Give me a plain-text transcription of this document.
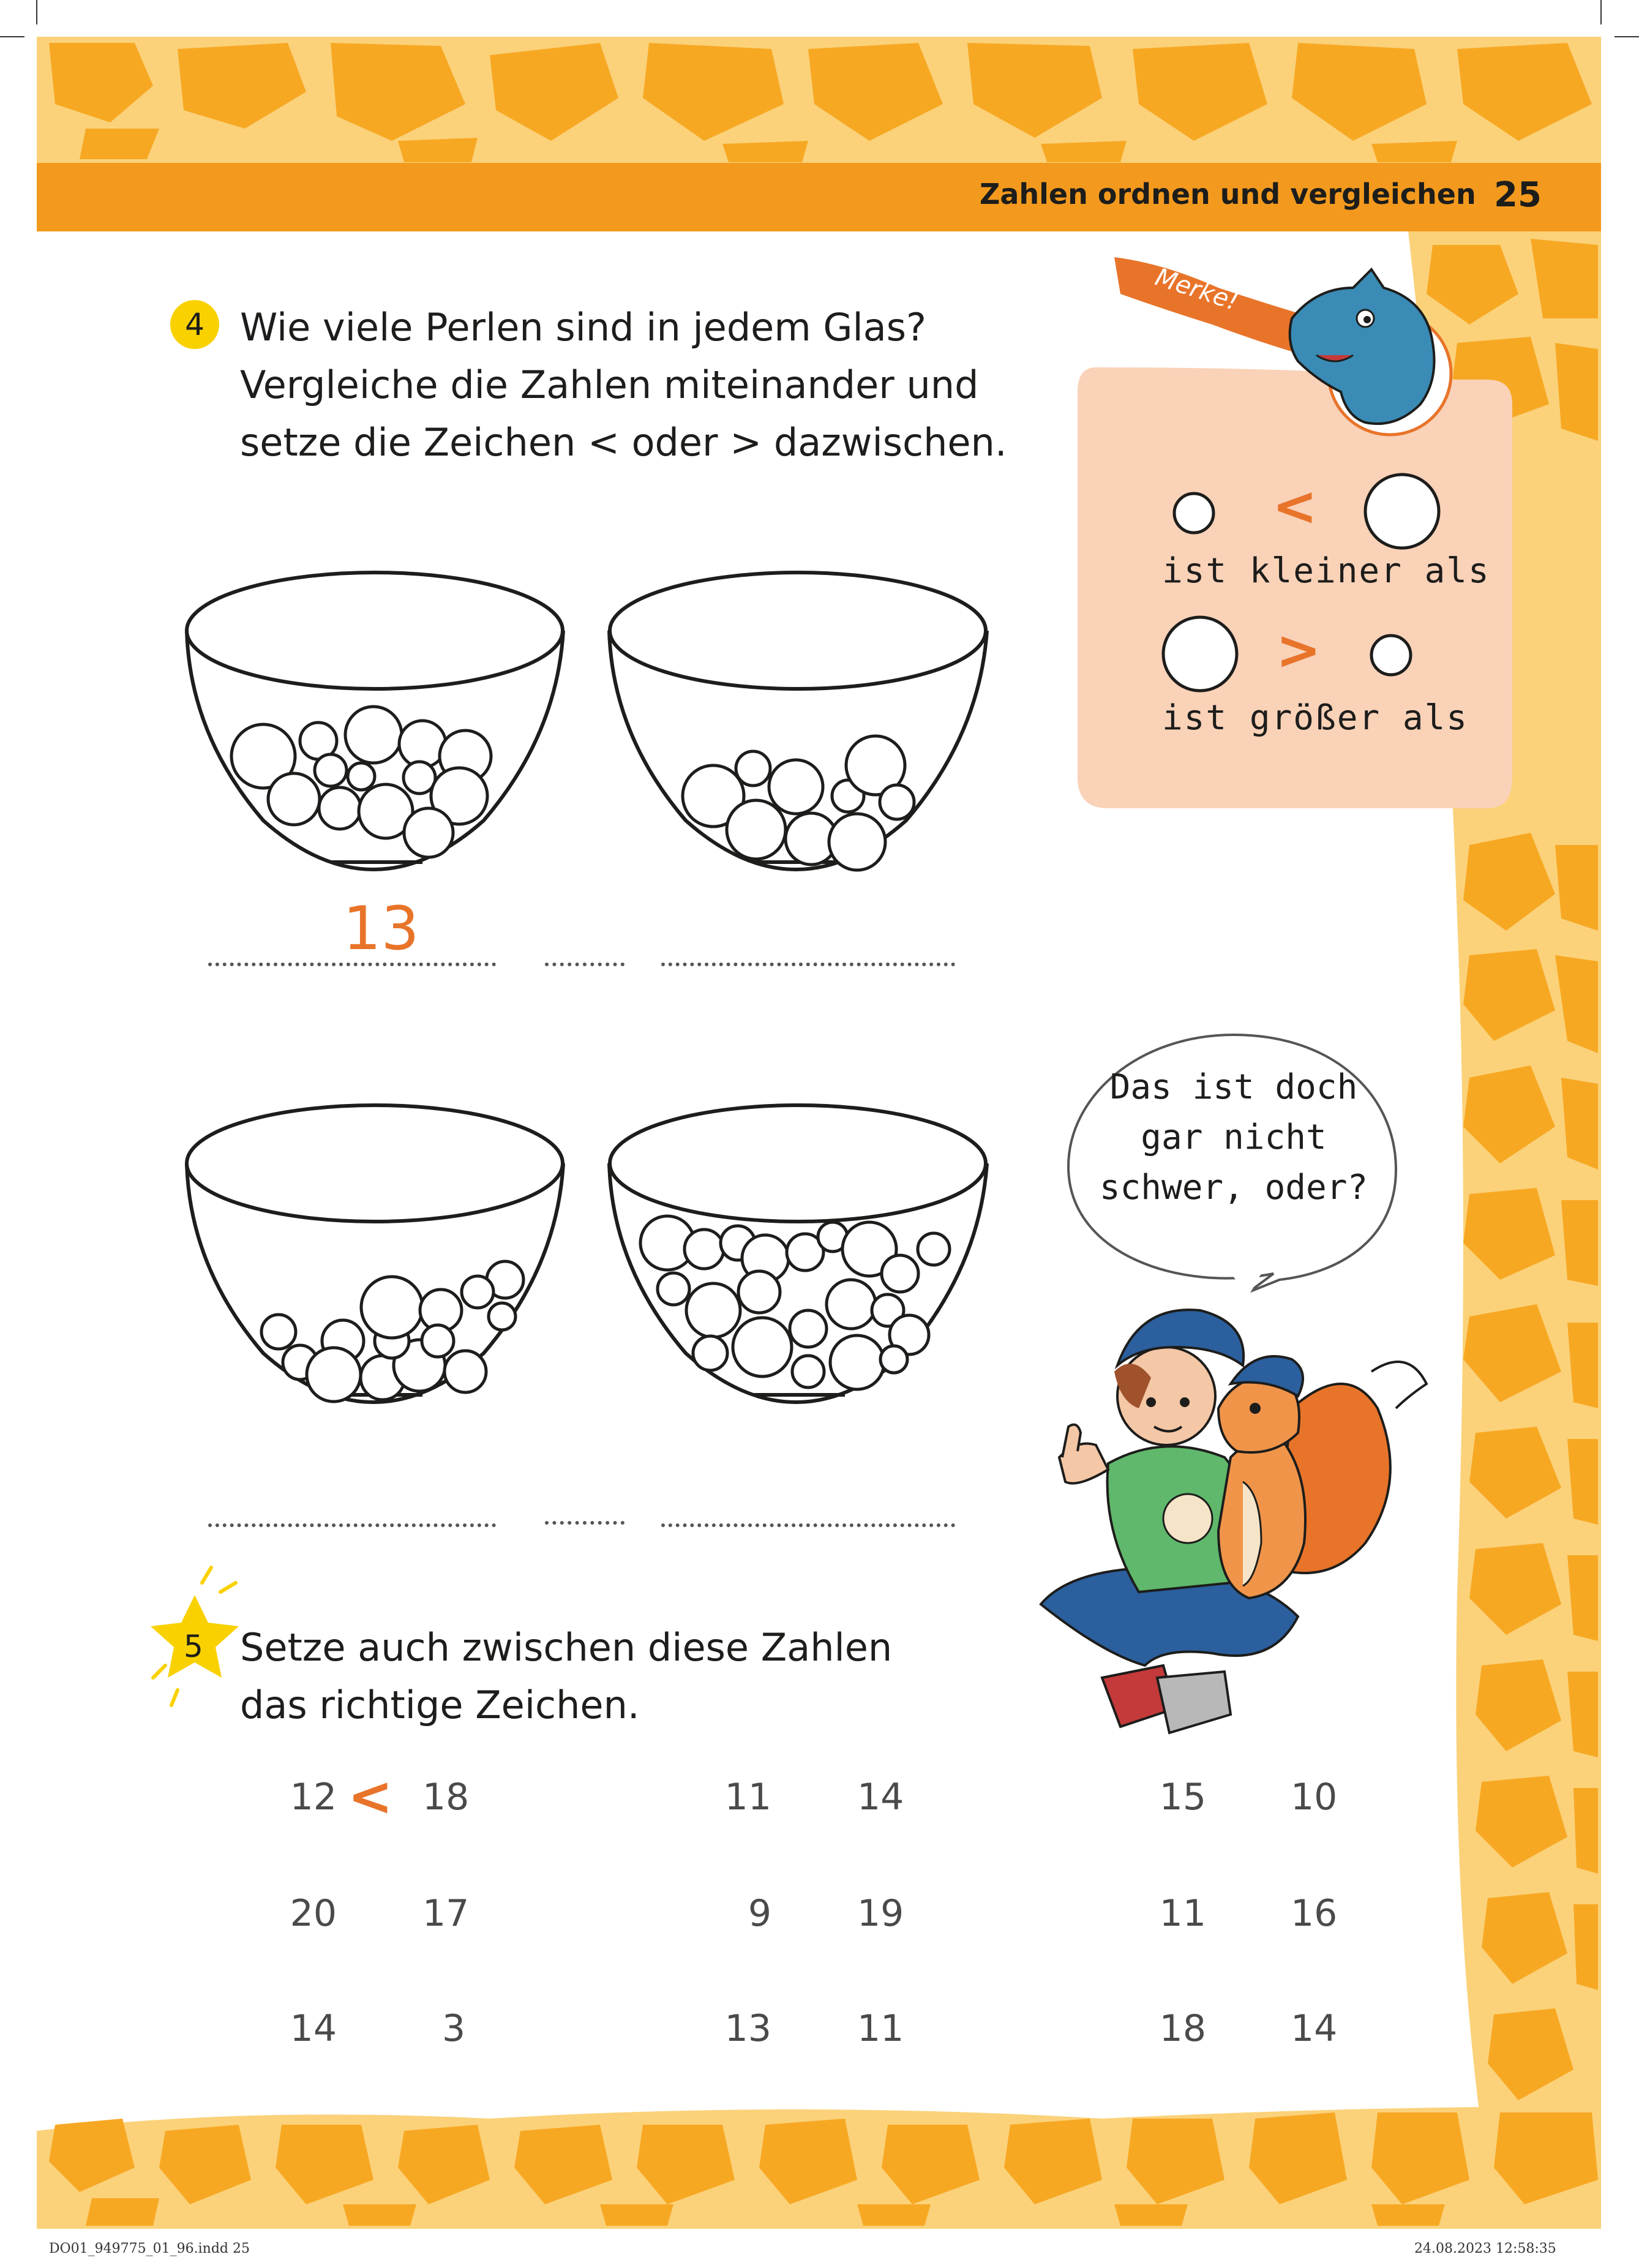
Zahlen ordnen und vergleichen 25
4 Wie viele Perlen sind in jedem Glas?
Vergleiche die Zahlen miteinander und
setze die Zeichen < oder > dazwischen.
13
Merke!
<
ist kleiner als
>
ist größer als
Das ist doch
gar nicht
schwer, oder?
5 Setze auch zwischen diese Zahlen
das richtige Zeichen.
12 < 18	11 14	15 10
20 17	9 19	11 16
14	3	13 11	18 14
DO01_949775_01_96.indd 25	24.08.2023 12:58:35
